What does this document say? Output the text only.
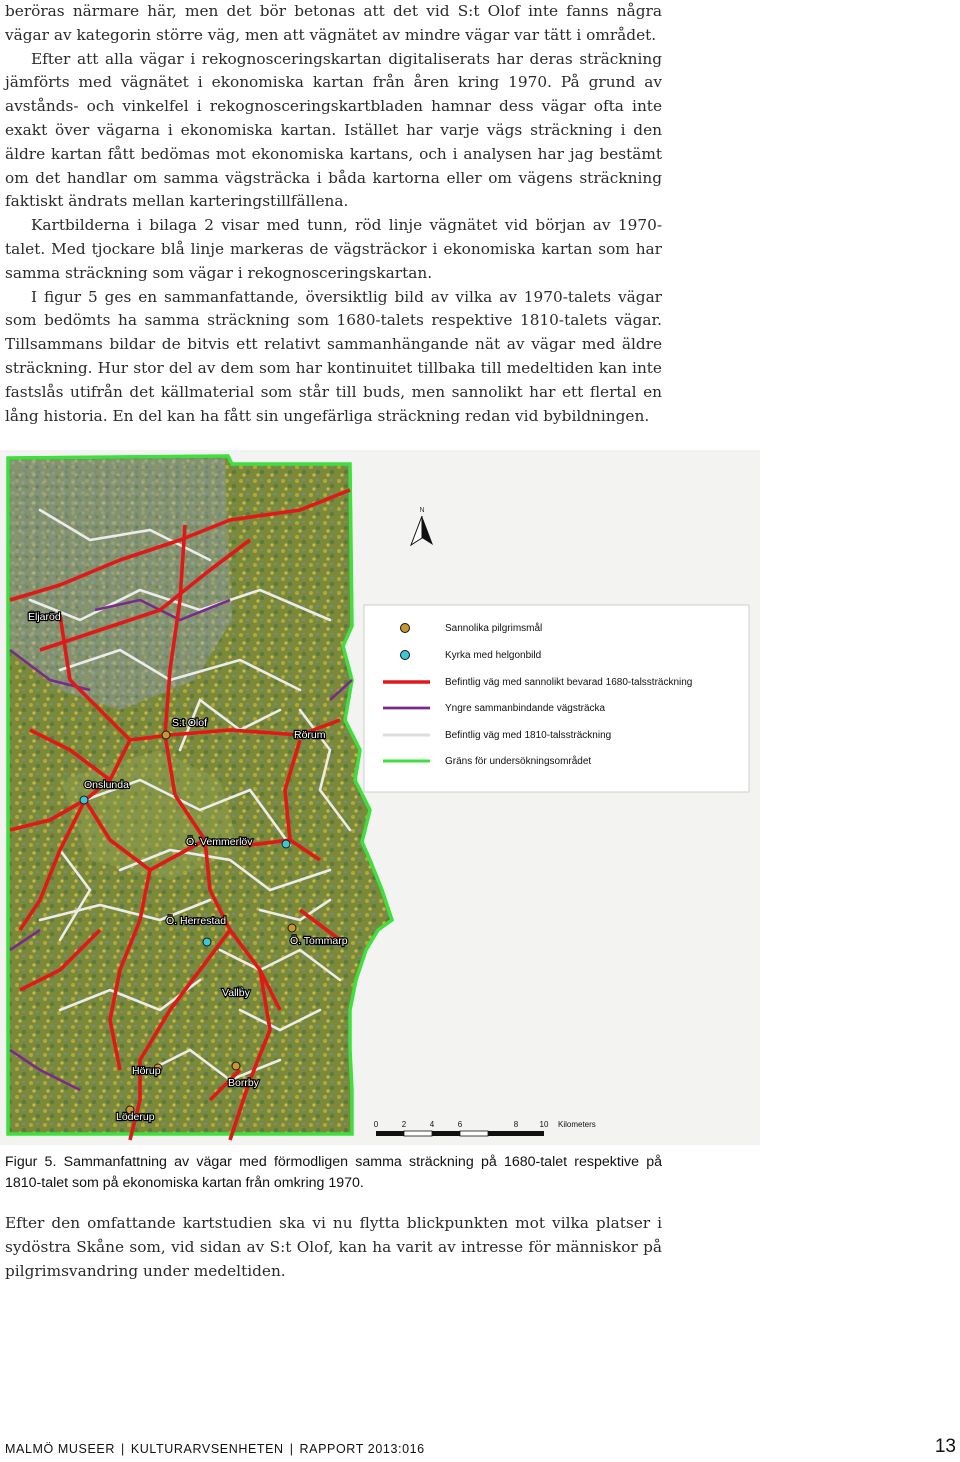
beröras närmare här, men det bör betonas att det vid S:t Olof inte fanns några vägar av kategorin större väg, men att vägnätet av mindre vägar var tätt i området.

Efter att alla vägar i rekognosceringskartan digitaliserats har deras sträckning jämförts med vägnätet i ekonomiska kartan från åren kring 1970. På grund av avstånds- och vinkelfel i rekognosceringskartbladen hamnar dess vägar ofta inte exakt över vägarna i ekonomiska kartan. Istället har varje vägs sträckning i den äldre kartan fått bedömas mot ekonomiska kartans, och i analysen har jag bestämt om det handlar om samma vägsträcka i båda kartorna eller om vägens sträckning faktiskt ändrats mellan karteringstillfällena.

Kartbilderna i bilaga 2 visar med tunn, röd linje vägnätet vid början av 1970-talet. Med tjockare blå linje markeras de vägsträckor i ekonomiska kartan som har samma sträckning som vägar i rekognosceringskartan.

I figur 5 ges en sammanfattande, översiktlig bild av vilka av 1970-talets vägar som bedömts ha samma sträckning som 1680-talets respektive 1810-talets vägar. Tillsammans bildar de bitvis ett relativt sammanhängande nät av vägar med äldre sträckning. Hur stor del av dem som har kontinuitet tillbaka till medeltiden kan inte fastslås utifrån det källmaterial som står till buds, men sannolikt har ett flertal en lång historia. En del kan ha fått sin ungefärliga sträckning redan vid bybildningen.

Eljaröd
S:t Olof
Rörum
Onslunda
Ö. Vemmerlöv
Ö. Herrestad
Ö. Tommarp
Vallby
Hörup
Borrby
Löderup
N
Sannolika pilgrimsmål
Kyrka med helgonbild
Befintlig väg med sannolikt bevarad 1680-talssträckning
Yngre sammanbindande vägsträcka
Befintlig väg med 1810-talssträckning
Gräns för undersökningsområdet
0	2	4	6	8	10 Kilometers
Figur 5. Sammanfattning av vägar med förmodligen samma sträckning på 1680-talet respektive på 1810-talet som på ekonomiska kartan från omkring 1970.
Efter den omfattande kartstudien ska vi nu flytta blickpunkten mot vilka platser i sydöstra Skåne som, vid sidan av S:t Olof, kan ha varit av intresse för människor på pilgrimsvandring under medeltiden.
MALMÖ MUSEER | KULTURARVSENHETEN | RAPPORT 2013:016	13
